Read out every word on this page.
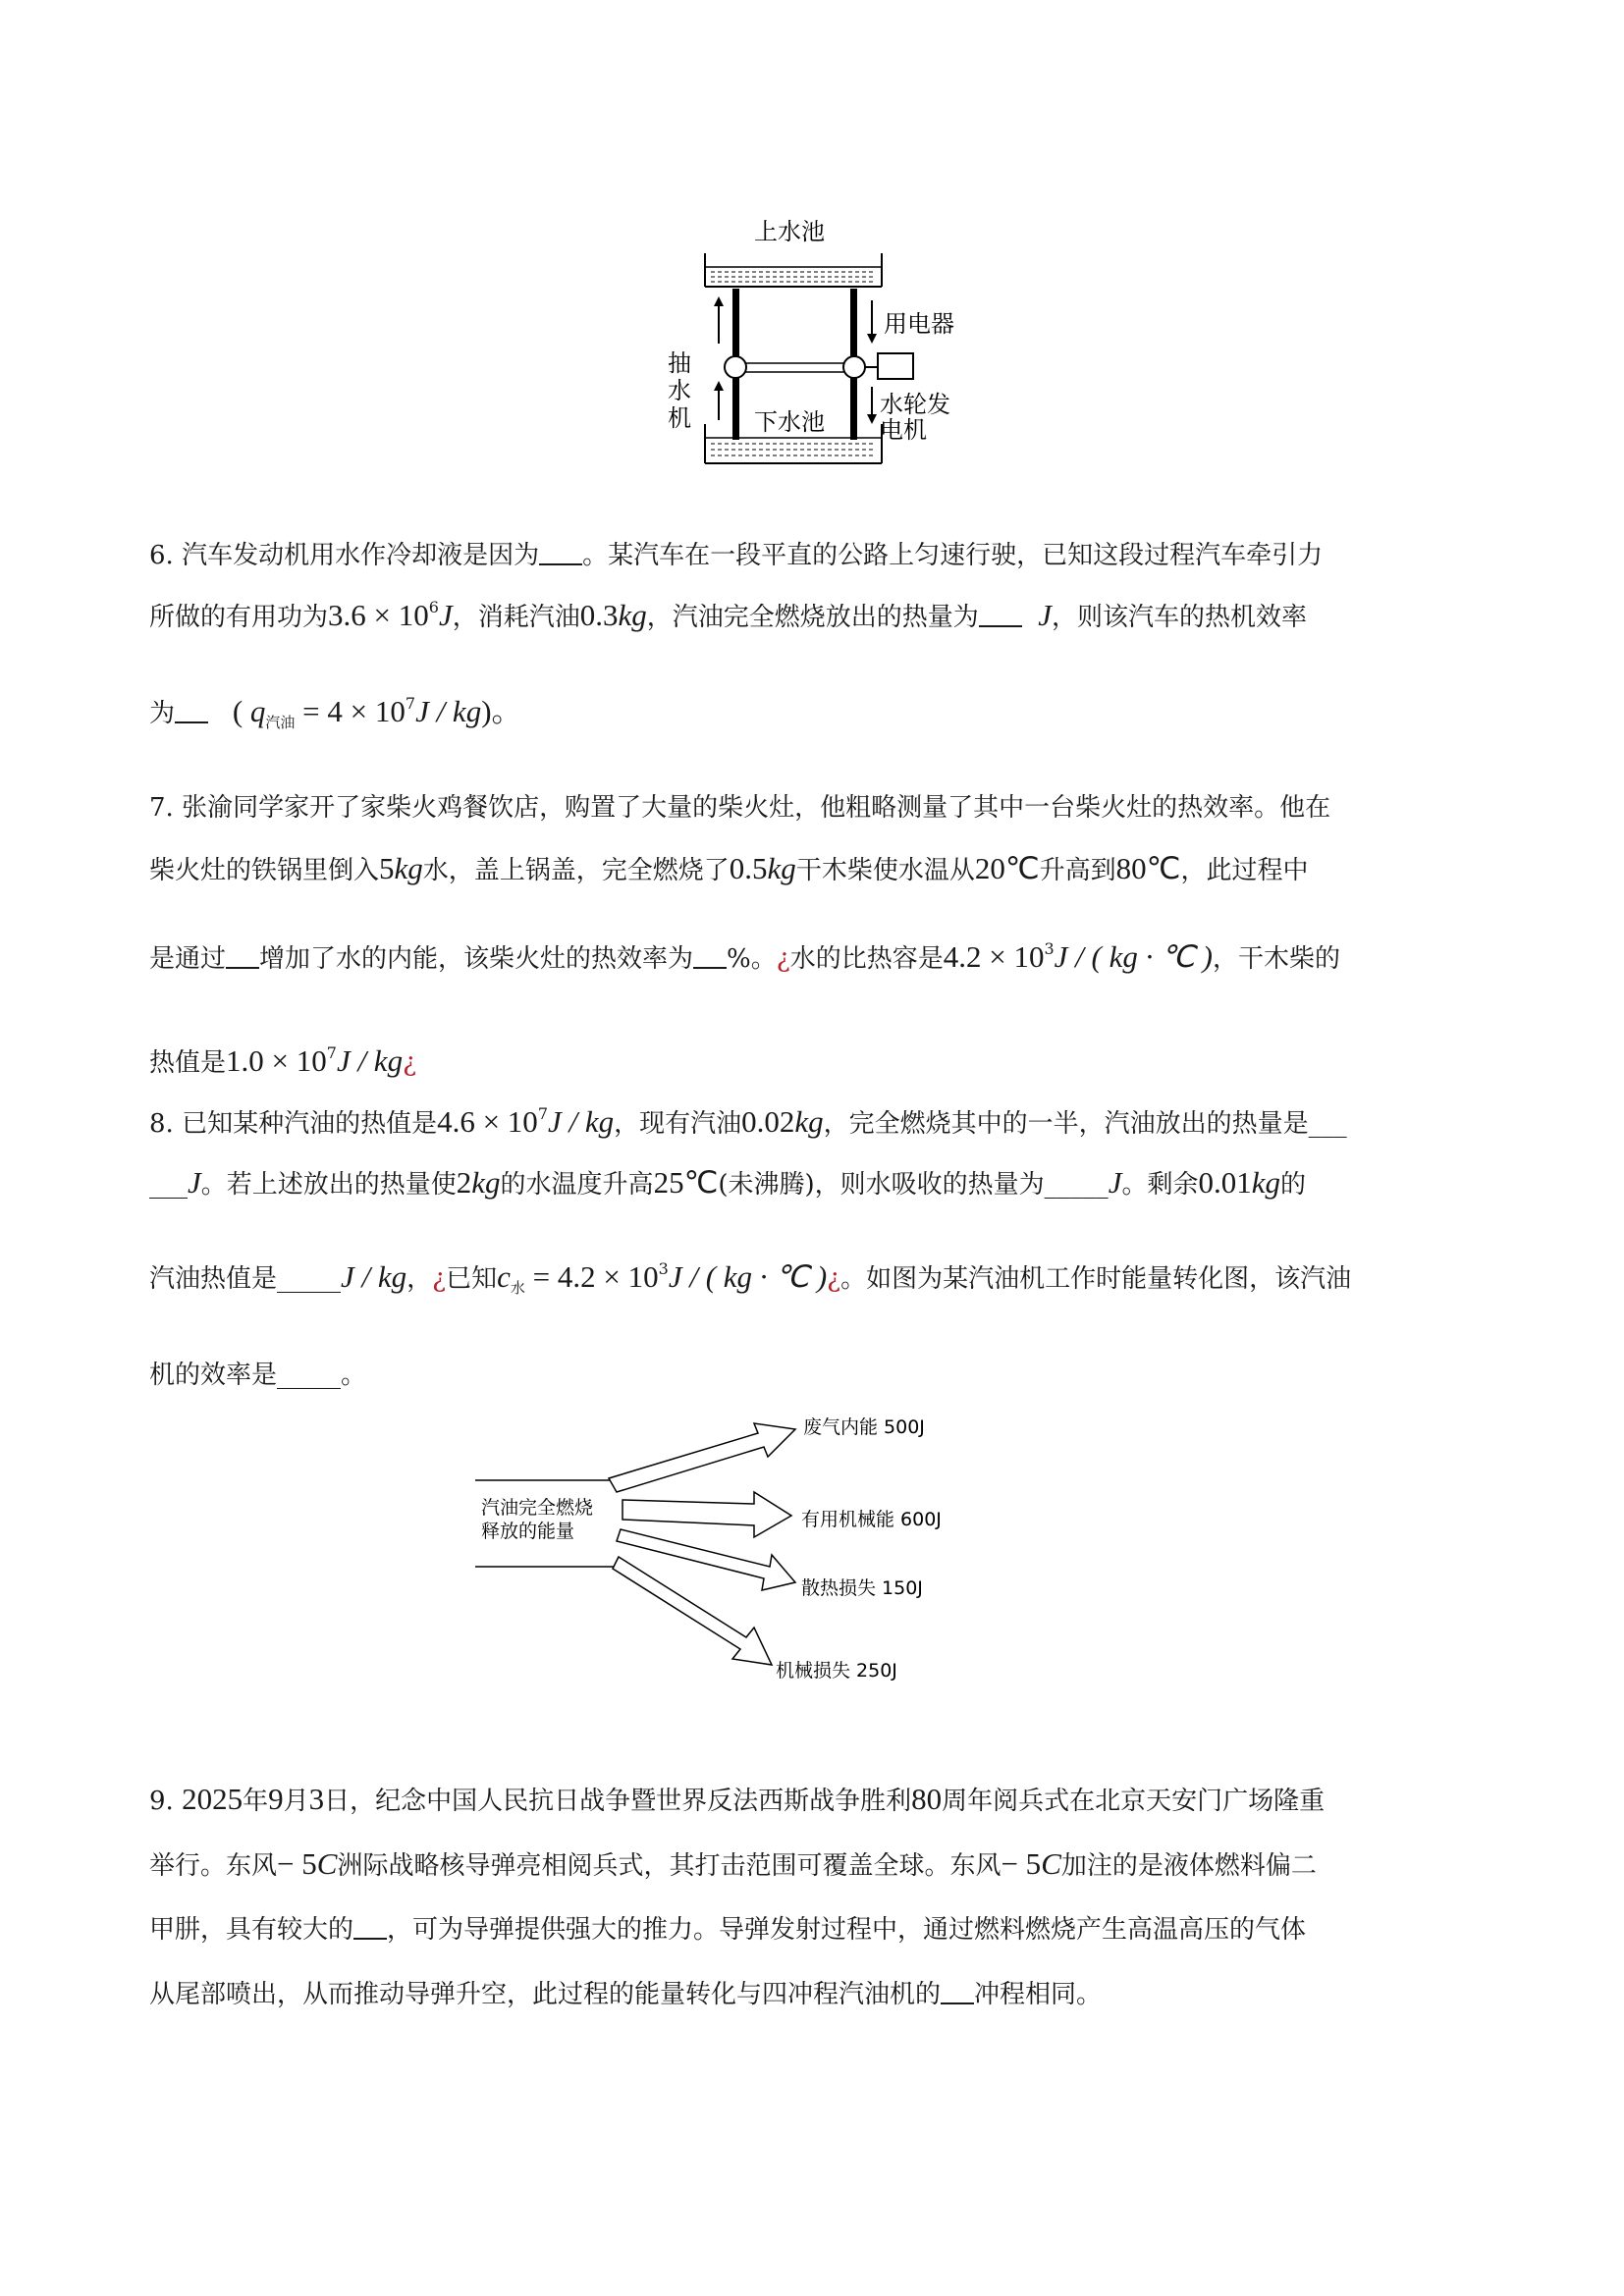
上水池
下水池
用电器
抽
水
机	水轮发
电机
6. 汽车发动机用水作冷却液是因为 。某汽车在一段平直的公路上匀速行驶，已知这段过程汽车牵引力
所做的有用功为$3.6 \times 10^6J$，消耗汽油0.3kg，汽油完全燃烧放出的热量为 J，则该汽车的热机效率
为 ( $q_{汽油} = 4 \times 10^7J / kg$)。
7. 张渝同学家开了家柴火鸡餐饮店，购置了大量的柴火灶，他粗略测量了其中一台柴火灶的热效率。他在
柴火灶的铁锅里倒入5kg水，盖上锅盖，完全燃烧了0.5kg干木柴使水温从20℃升高到80℃，此过程中
是通过 增加了水的内能，该柴火灶的热效率为 %。¿水的比热容是$4.2 \times 10^3J$ / ( kg · ℃ )，干木柴的
热值是$1.0 \times 10^7J$ / kg¿
8. 已知某种汽油的热值是$4.6 \times 10^7J$ / kg，现有汽油0.02kg，完全燃烧其中的一半，汽油放出的热量是___
___J。若上述放出的热量使2kg的水温度升高25℃(未沸腾)，则水吸收的热量为_____J。剩余0.01kg的
汽油热值是_____J / kg，¿已知$c_水 = 4.2 \times 10^3J$ / ( kg · ℃ )¿。如图为某汽油机工作时能量转化图，该汽油
机的效率是_____。
汽油完全燃烧
释放的能量
废气内能 500J
有用机械能 600J
散热损失 150J
机械损失 250J
9. 2025年9月3日，纪念中国人民抗日战争暨世界反法西斯战争胜利80周年阅兵式在北京天安门广场隆重
举行。东风− 5C洲际战略核导弹亮相阅兵式，其打击范围可覆盖全球。东风− 5C加注的是液体燃料偏二
甲肼，具有较大的 ，可为导弹提供强大的推力。导弹发射过程中，通过燃料燃烧产生高温高压的气体
从尾部喷出，从而推动导弹升空，此过程的能量转化与四冲程汽油机的 冲程相同。
